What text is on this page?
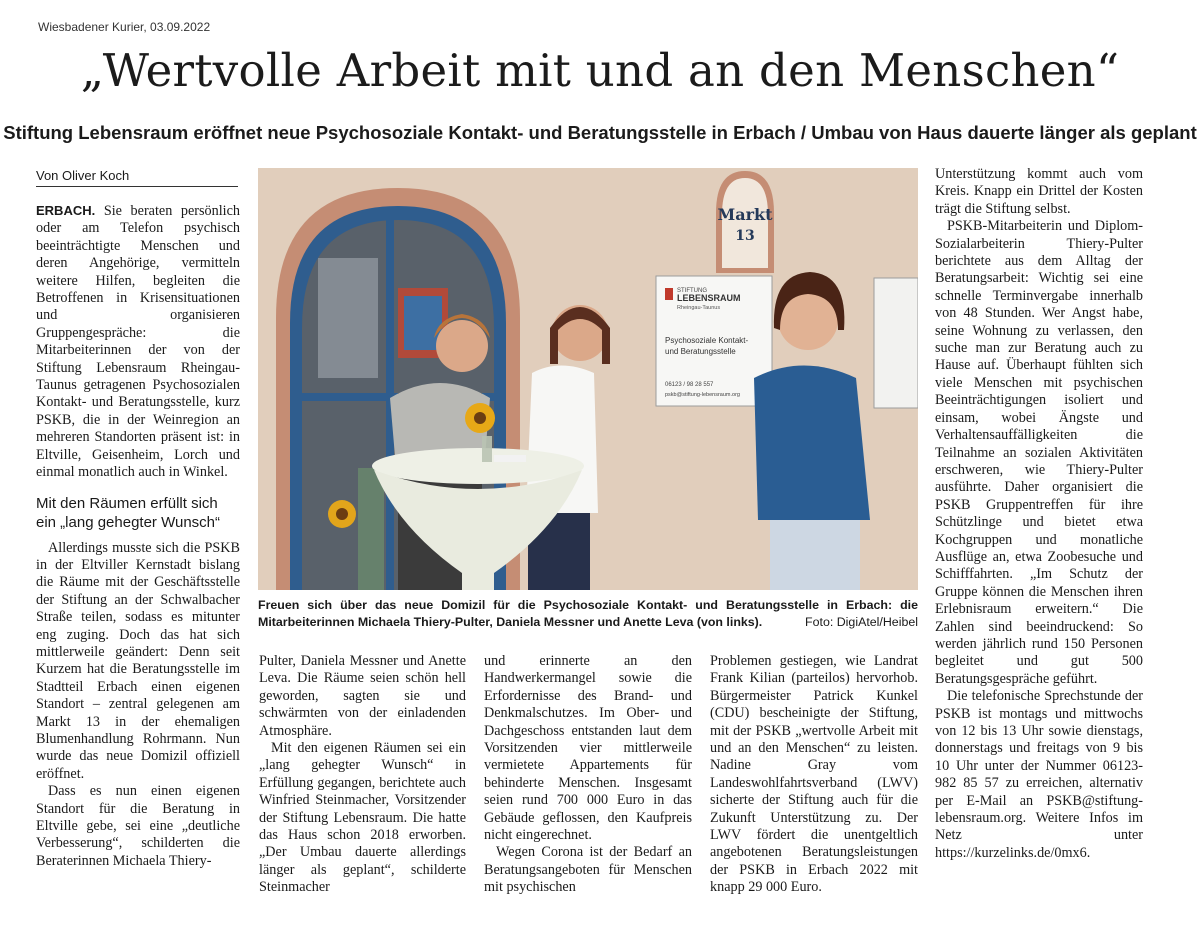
Wiesbadener Kurier, 03.09.2022
„Wertvolle Arbeit mit und an den Menschen“
Stiftung Lebensraum eröffnet neue Psychosoziale Kontakt- und Beratungsstelle in Erbach / Umbau von Haus dauerte länger als geplant
Von Oliver Koch

ERBACH. Sie beraten persönlich oder am Telefon psychisch beeinträchtigte Menschen und deren Angehörige, vermitteln weitere Hilfen, begleiten die Betroffenen in Krisensituationen und organisieren Gruppengespräche: die Mitarbeiterinnen der von der Stiftung Lebensraum Rheingau-Taunus getragenen Psychosozialen Kontakt- und Beratungsstelle, kurz PSKB, die in der Weinregion an mehreren Standorten präsent ist: in Eltville, Geisenheim, Lorch und einmal monatlich auch in Winkel.

Mit den Räumen erfüllt sich ein „lang gehegter Wunsch“

Allerdings musste sich die PSKB in der Eltviller Kernstadt bislang die Räume mit der Geschäftsstelle der Stiftung an der Schwalbacher Straße teilen, sodass es mitunter eng zuging. Doch das hat sich mittlerweile geändert: Denn seit Kurzem hat die Beratungsstelle im Stadtteil Erbach einen eigenen Standort – zentral gelegenen am Markt 13 in der ehemaligen Blumenhandlung Rohrmann. Nun wurde das neue Domizil offiziell eröffnet.

Dass es nun einen eigenen Standort für die Beratung in Eltville gebe, sei eine „deutliche Verbesserung“, schilderten die Beraterinnen Michaela Thiery-

Markt
13
STIFTUNG
LEBENSRAUM
Rheingau-Taunus
Psychosoziale Kontakt-
und Beratungsstelle
06123 / 98 28 557
pskb@stiftung-lebensraum.org
Freuen sich über das neue Domizil für die Psychosoziale Kontakt- und Beratungsstelle in Erbach: die Mitarbeiterinnen Michaela Thiery-Pulter, Daniela Messner und Anette Leva (von links).	Foto: DigiAtel/Heibel

Pulter, Daniela Messner und Anette Leva. Die Räume seien schön hell geworden, sagten sie und schwärmten von der einladenden Atmosphäre.

Mit den eigenen Räumen sei ein „lang gehegter Wunsch“ in Erfüllung gegangen, berichtete auch Winfried Steinmacher, Vorsitzender der Stiftung Lebensraum. Die hatte das Haus schon 2018 erworben. „Der Umbau dauerte allerdings länger als geplant“, schilderte Steinmacher

und erinnerte an den Handwerkermangel sowie die Erfordernisse des Brand- und Denkmalschutzes. Im Ober- und Dachgeschoss entstanden laut dem Vorsitzenden vier mittlerweile vermietete Appartements für behinderte Menschen. Insgesamt seien rund 700 000 Euro in das Gebäude geflossen, den Kaufpreis nicht eingerechnet.

Wegen Corona ist der Bedarf an Beratungsangeboten für Menschen mit psychischen

Problemen gestiegen, wie Landrat Frank Kilian (parteilos) hervorhob. Bürgermeister Patrick Kunkel (CDU) bescheinigte der Stiftung, mit der PSKB „wertvolle Arbeit mit und an den Menschen“ zu leisten. Nadine Gray vom Landeswohlfahrtsverband (LWV) sicherte der Stiftung auch für die Zukunft Unterstützung zu. Der LWV fördert die unentgeltlich angebotenen Beratungsleistungen der PSKB in Erbach 2022 mit knapp 29 000 Euro.

Unterstützung kommt auch vom Kreis. Knapp ein Drittel der Kosten trägt die Stiftung selbst.

PSKB-Mitarbeiterin und Diplom-Sozialarbeiterin Thiery-Pulter berichtete aus dem Alltag der Beratungsarbeit: Wichtig sei eine schnelle Terminvergabe innerhalb von 48 Stunden. Wer Angst habe, seine Wohnung zu verlassen, den suche man zur Beratung auch zu Hause auf. Überhaupt fühlten sich viele Menschen mit psychischen Beeinträchtigungen isoliert und einsam, wobei Ängste und Verhaltensauffälligkeiten die Teilnahme an sozialen Aktivitäten erschweren, wie Thiery-Pulter ausführte. Daher organisiert die PSKB Gruppentreffen für ihre Schützlinge und bietet etwa Kochgruppen und monatliche Ausflüge an, etwa Zoobesuche und Schifffahrten. „Im Schutz der Gruppe können die Menschen ihren Erlebnisraum erweitern.“ Die Zahlen sind beeindruckend: So werden jährlich rund 150 Personen begleitet und gut 500 Beratungsgespräche geführt.

Die telefonische Sprechstunde der PSKB ist montags und mittwochs von 12 bis 13 Uhr sowie dienstags, donnerstags und freitags von 9 bis 10 Uhr unter der Nummer 06123-982 85 57 zu erreichen, alternativ per E-Mail an PSKB@stiftung-lebensraum.org. Weitere Infos im Netz unter https://kurzelinks.de/0mx6.
